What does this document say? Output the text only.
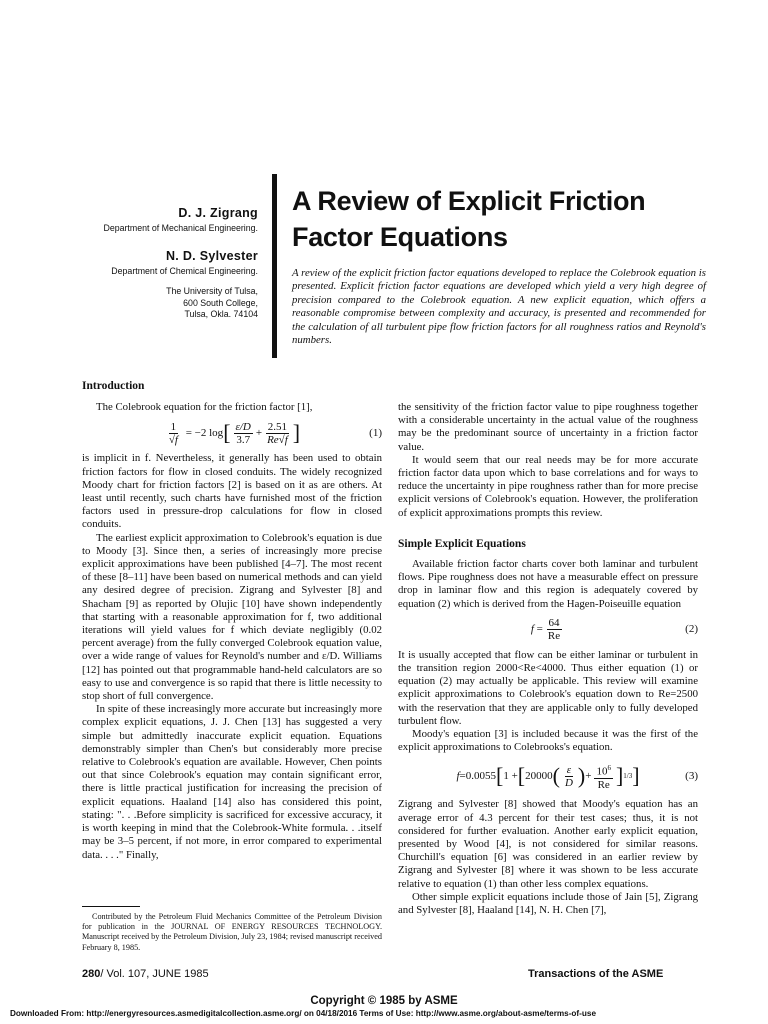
D. J. Zigrang

Department of Mechanical Engineering.

N. D. Sylvester

Department of Chemical Engineering.

The University of Tulsa,

600 South College,

Tulsa, Okla. 74104

A Review of Explicit Friction
Factor Equations

A review of the explicit friction factor equations developed to replace the Colebrook equation is presented. Explicit friction factor equations are developed which yield a very high degree of precision compared to the Colebrook equation. A new explicit equation, which offers a reasonable compromise between complexity and accuracy, is presented and recommended for the calculation of all turbulent pipe flow friction factors for all roughness ratios and Reynold's numbers.

Introduction

The Colebrook equation for the friction factor [1],

$\frac{1}{√f} = -2$ log [ $\frac{\varepsilon/D}{3.7} + \frac{2.51}{Re√f}$ ]	(1)

is implicit in f. Nevertheless, it generally has been used to obtain friction factors for flow in closed conduits. The widely recognized Moody chart for friction factors [2] is based on it as are others. At least until recently, such charts have furnished most of the friction factors used in pressure-drop calculations for flow in closed conduits.

The earliest explicit approximation to Colebrook's equation is due to Moody [3]. Since then, a series of increasingly more precise explicit approximations have been published [4–7]. The most recent of these [8–11] have been based on numerical methods and can yield any desired degree of precision. Zigrang and Sylvester [8] and Shacham [9] as reported by Olujic [10] have shown independently that starting with a reasonable approximation for f, two additional iterations will yield values for f which deviate negligibly (0.02 percent average) from the fully converged Colebrook equation value, over a wide range of values for Reynold's number and ε/D. Williams [12] has pointed out that programmable hand-held calculators are so easy to use and convergence is so rapid that there is little necessity to stop short of full convergence.

In spite of these increasingly more accurate but increasingly more complex explicit equations, J. J. Chen [13] has suggested a very simple but admittedly inaccurate explicit equation. Equations demonstrably simpler than Chen's but considerably more precise relative to Colebrook's equation are available. However, Chen points out that since Colebrook's equation may contain significant error, there is little practical justification for increasing the precision of explicit equations. Haaland [14] also has considered this point, stating: ". . .Before simplicity is sacrificed for excessive accuracy, it is worth keeping in mind that the Colebrook-White formula. . .itself may be 3–5 percent, if not more, in error compared to experimental data. . . ." Finally,

Contributed by the Petroleum Fluid Mechanics Committee of the Petroleum Division for publication in the JOURNAL OF ENERGY RESOURCES TECHNOLOGY. Manuscript received by the Petroleum Division, July 23, 1984; revised manuscript received February 8, 1985.

the sensitivity of the friction factor value to pipe roughness together with a considerable uncertainty in the actual value of the roughness may be the predominant source of uncertainty in a friction factor value.

It would seem that our real needs may be for more accurate friction factor data upon which to base correlations and for ways to reduce the uncertainty in pipe roughness rather than for more precise explicit versions of Colebrook's equation. However, the proliferation of explicit approximations prompts this review.

Simple Explicit Equations

Available friction factor charts cover both laminar and turbulent flows. Pipe roughness does not have a measurable effect on pressure drop in laminar flow and this region is adequately covered by equation (2) which is derived from the Hagen-Poiseuille equation

$f = \frac{64}{Re}$	(2)

It is usually accepted that flow can be either laminar or turbulent in the transition region 2000<Re<4000. Thus either equation (1) or equation (2) may actually be applicable. This review will examine explicit approximations to Colebrook's equation down to Re=2500 with the reservation that they are applicable only to fully developed turbulent flow.

Moody's equation [3] is included because it was the first of the explicit approximations to Colebrooks's equation.

f =0.0055 [ 1 + [ 20000 ( $\frac{\varepsilon}{D}$ ) + $\frac{10^6}{Re}$ ] 1/3 ]	(3)

Zigrang and Sylvester [8] showed that Moody's equation has an average error of 4.3 percent for their test cases; thus, it is not considered for further evaluation. Another early explicit equation, presented by Wood [4], is not considered for similar reasons. Churchill's equation [6] was considered in an earlier review by Zigrang and Sylvester [8] where it was shown to be less accurate relative to equation (1) than other less complex equations.

Other simple explicit equations include those of Jain [5], Zigrang and Sylvester [8], Haaland [14], N. H. Chen [7],

280/ Vol. 107, JUNE 1985	Transactions of the ASME
Copyright © 1985 by ASME
Downloaded From: http://energyresources.asmedigitalcollection.asme.org/ on 04/18/2016 Terms of Use: http://www.asme.org/about-asme/terms-of-use
